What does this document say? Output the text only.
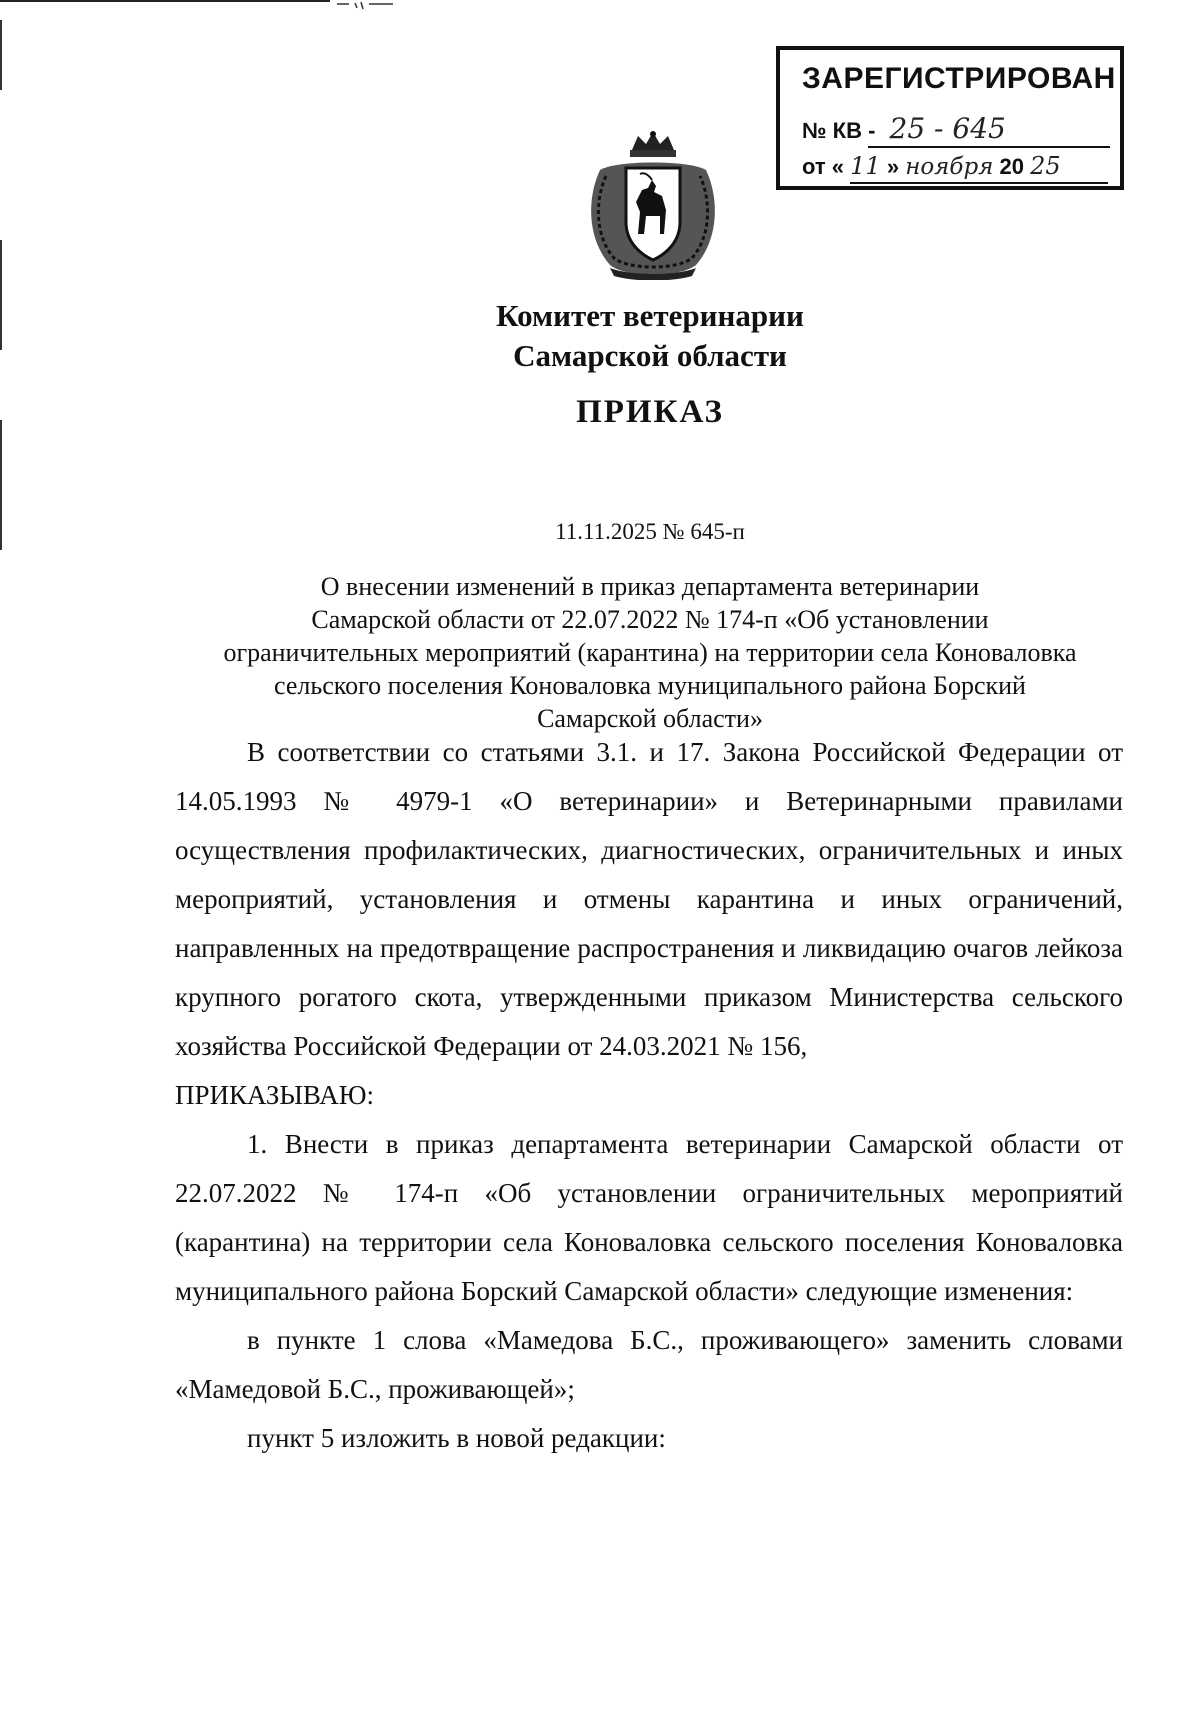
ЗАРЕГИСТРИРОВАН
№ КВ - 25 - 645
от « 11 » ноября 20 25
Комитет ветеринарии
Самарской области
ПРИКАЗ
11.11.2025 № 645-п
О внесении изменений в приказ департамента ветеринарии
Самарской области от 22.07.2022 № 174-п «Об установлении
ограничительных мероприятий (карантина) на территории села Коноваловка
сельского поселения Коноваловка муниципального района Борский
Самарской области»

В соответствии со статьями 3.1. и 17. Закона Российской Федерации от 14.05.1993 № 4979-1 «О ветеринарии» и Ветеринарными правилами осуществления профилактических, диагностических, ограничительных и иных мероприятий, установления и отмены карантина и иных ограничений, направленных на предотвращение распространения и ликвидацию очагов лейкоза крупного рогатого скота, утвержденными приказом Министерства сельского хозяйства Российской Федерации от 24.03.2021 № 156,

ПРИКАЗЫВАЮ:

1. Внести в приказ департамента ветеринарии Самарской области от 22.07.2022 № 174-п «Об установлении ограничительных мероприятий (карантина) на территории села Коноваловка сельского поселения Коноваловка муниципального района Борский Самарской области» следующие изменения:

в пункте 1 слова «Мамедова Б.С., проживающего» заменить словами «Мамедовой Б.С., проживающей»;

пункт 5 изложить в новой редакции:
